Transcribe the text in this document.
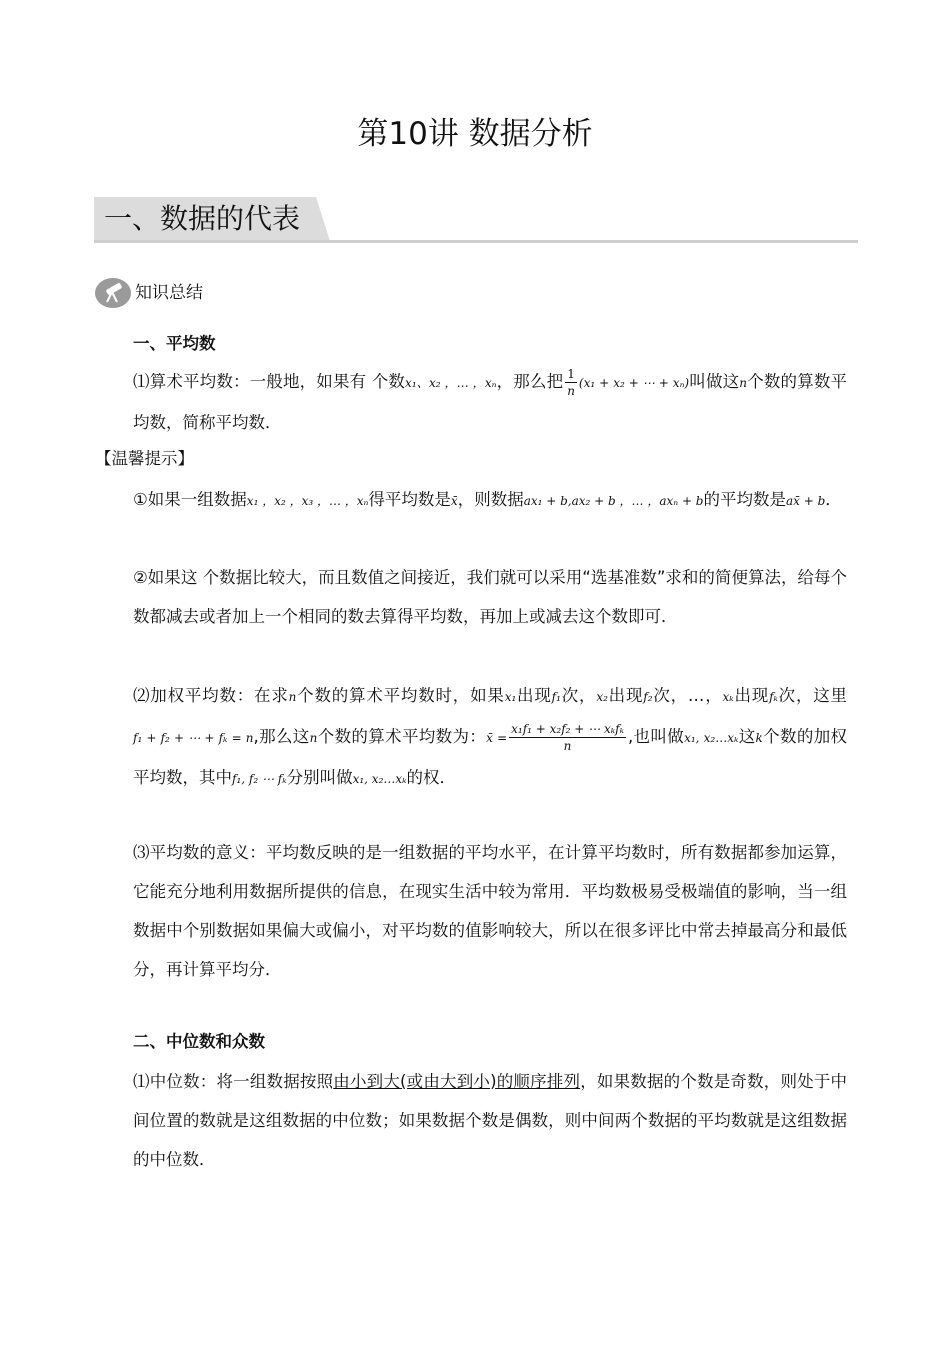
第10讲 数据分析
一、数据的代表
知识总结
一、平均数
⑴算术平均数：一般地，如果有 个数x₁、x₂ ，… ，xₙ，那么把 $\frac{1}{n} (x_1 + x_2$ + ⋯ + xₙ)叫做这n个数的算数平均数，简称平均数．
【温馨提示】
①如果一组数据x₁ ，x₂ ，x₃ ，… ，xₙ得平均数是x̄，则数据ax₁ + b,ax₂ + b ，… ，axₙ + b的平均数是ax̄ + b．
②如果这 个数据比较大，而且数值之间接近，我们就可以采用“选基准数”求和的简便算法，给每个数都减去或者加上一个相同的数去算得平均数，再加上或减去这个数即可．
⑵加权平均数：在求n个数的算术平均数时，如果x₁出现f₁次，x₂出现f₂次，…，xₖ出现fₖ次，这里f₁ + f₂ + ⋯ + fₖ = n,那么这n个数的算术平均数为：x̄ = $\frac{\text{x₁f₁ + x₂f₂ + ⋯ xₖfₖ}}{n}$ ,也叫做x₁, x₂…xₖ这k个数的加权平均数，其中f₁, f₂ ⋯ fₖ分别叫做x₁, x₂…xₖ的权．
⑶平均数的意义：平均数反映的是一组数据的平均水平，在计算平均数时，所有数据都参加运算，它能充分地利用数据所提供的信息，在现实生活中较为常用．平均数极易受极端值的影响，当一组数据中个别数据如果偏大或偏小，对平均数的值影响较大，所以在很多评比中常去掉最高分和最低分，再计算平均分．
二、中位数和众数
⑴中位数：将一组数据按照由小到大(或由大到小)的顺序排列，如果数据的个数是奇数，则处于中间位置的数就是这组数据的中位数；如果数据个数是偶数，则中间两个数据的平均数就是这组数据的中位数．
